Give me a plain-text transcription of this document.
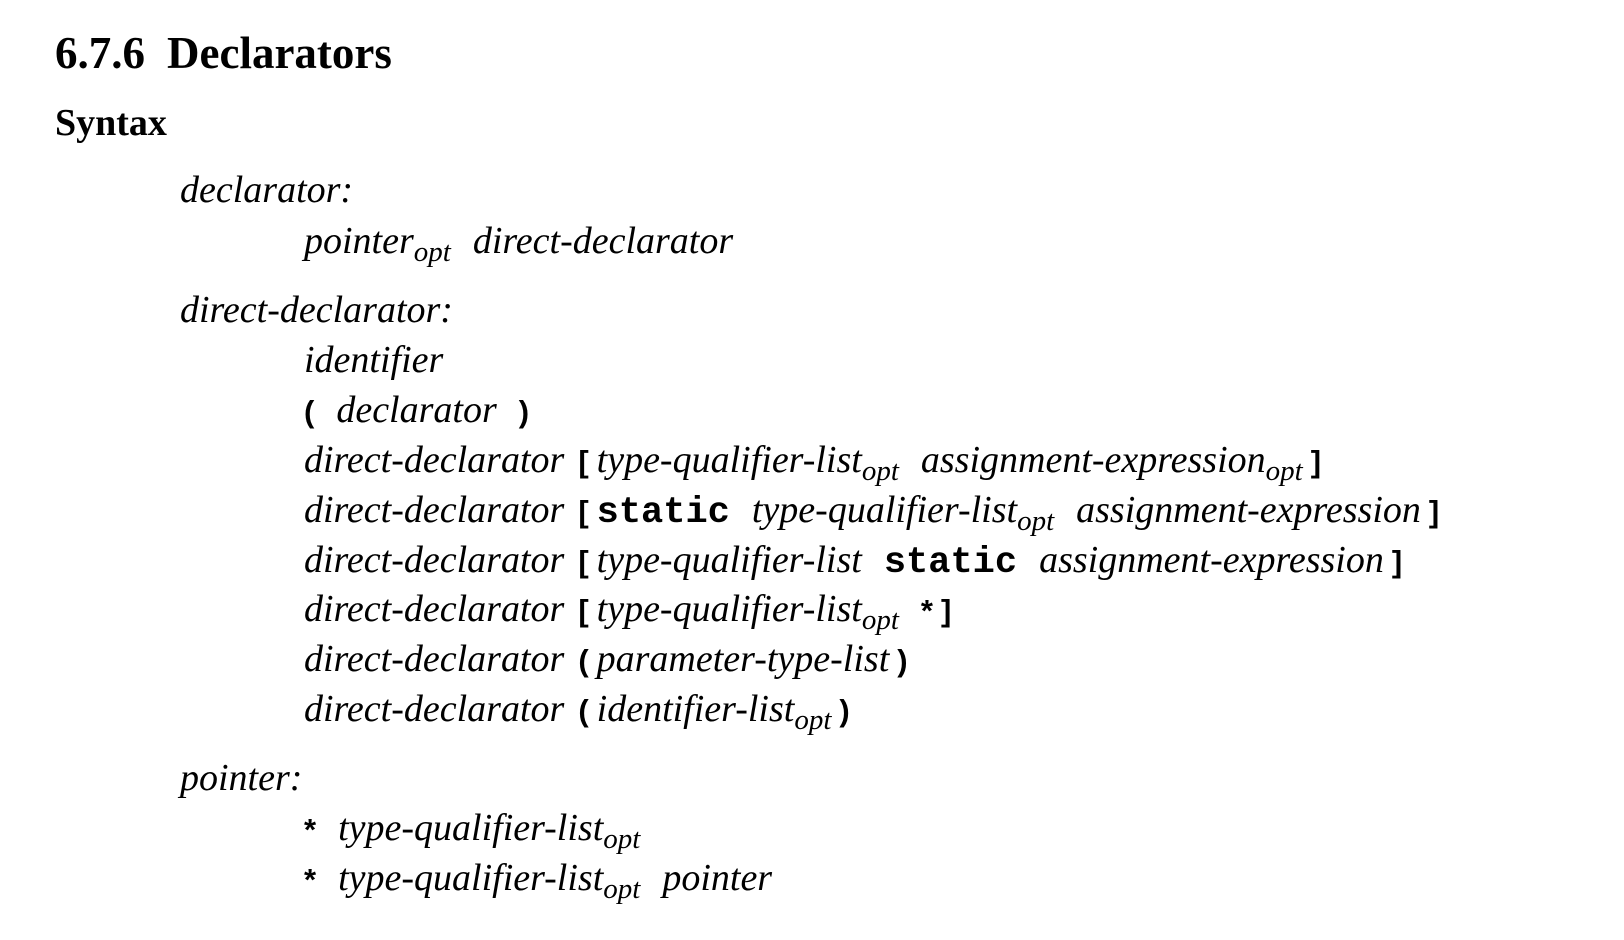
6.7.6 Declarators
Syntax
declarator:
pointer$_{opt}$ direct-declarator
direct-declarator:
identifier
( declarator )
direct-declarator [ type-qualifier-list$_{opt}$ assignment-expression$_{opt}$ ]
direct-declarator [ static type-qualifier-list$_{opt}$ assignment-expression ]
direct-declarator [ type-qualifier-list static assignment-expression ]
direct-declarator [ type-qualifier-list$_{opt}$ * ]
direct-declarator ( parameter-type-list )
direct-declarator ( identifier-list$_{opt}$ )
pointer:
* type-qualifier-list$_{opt}$
* type-qualifier-list$_{opt}$ pointer
